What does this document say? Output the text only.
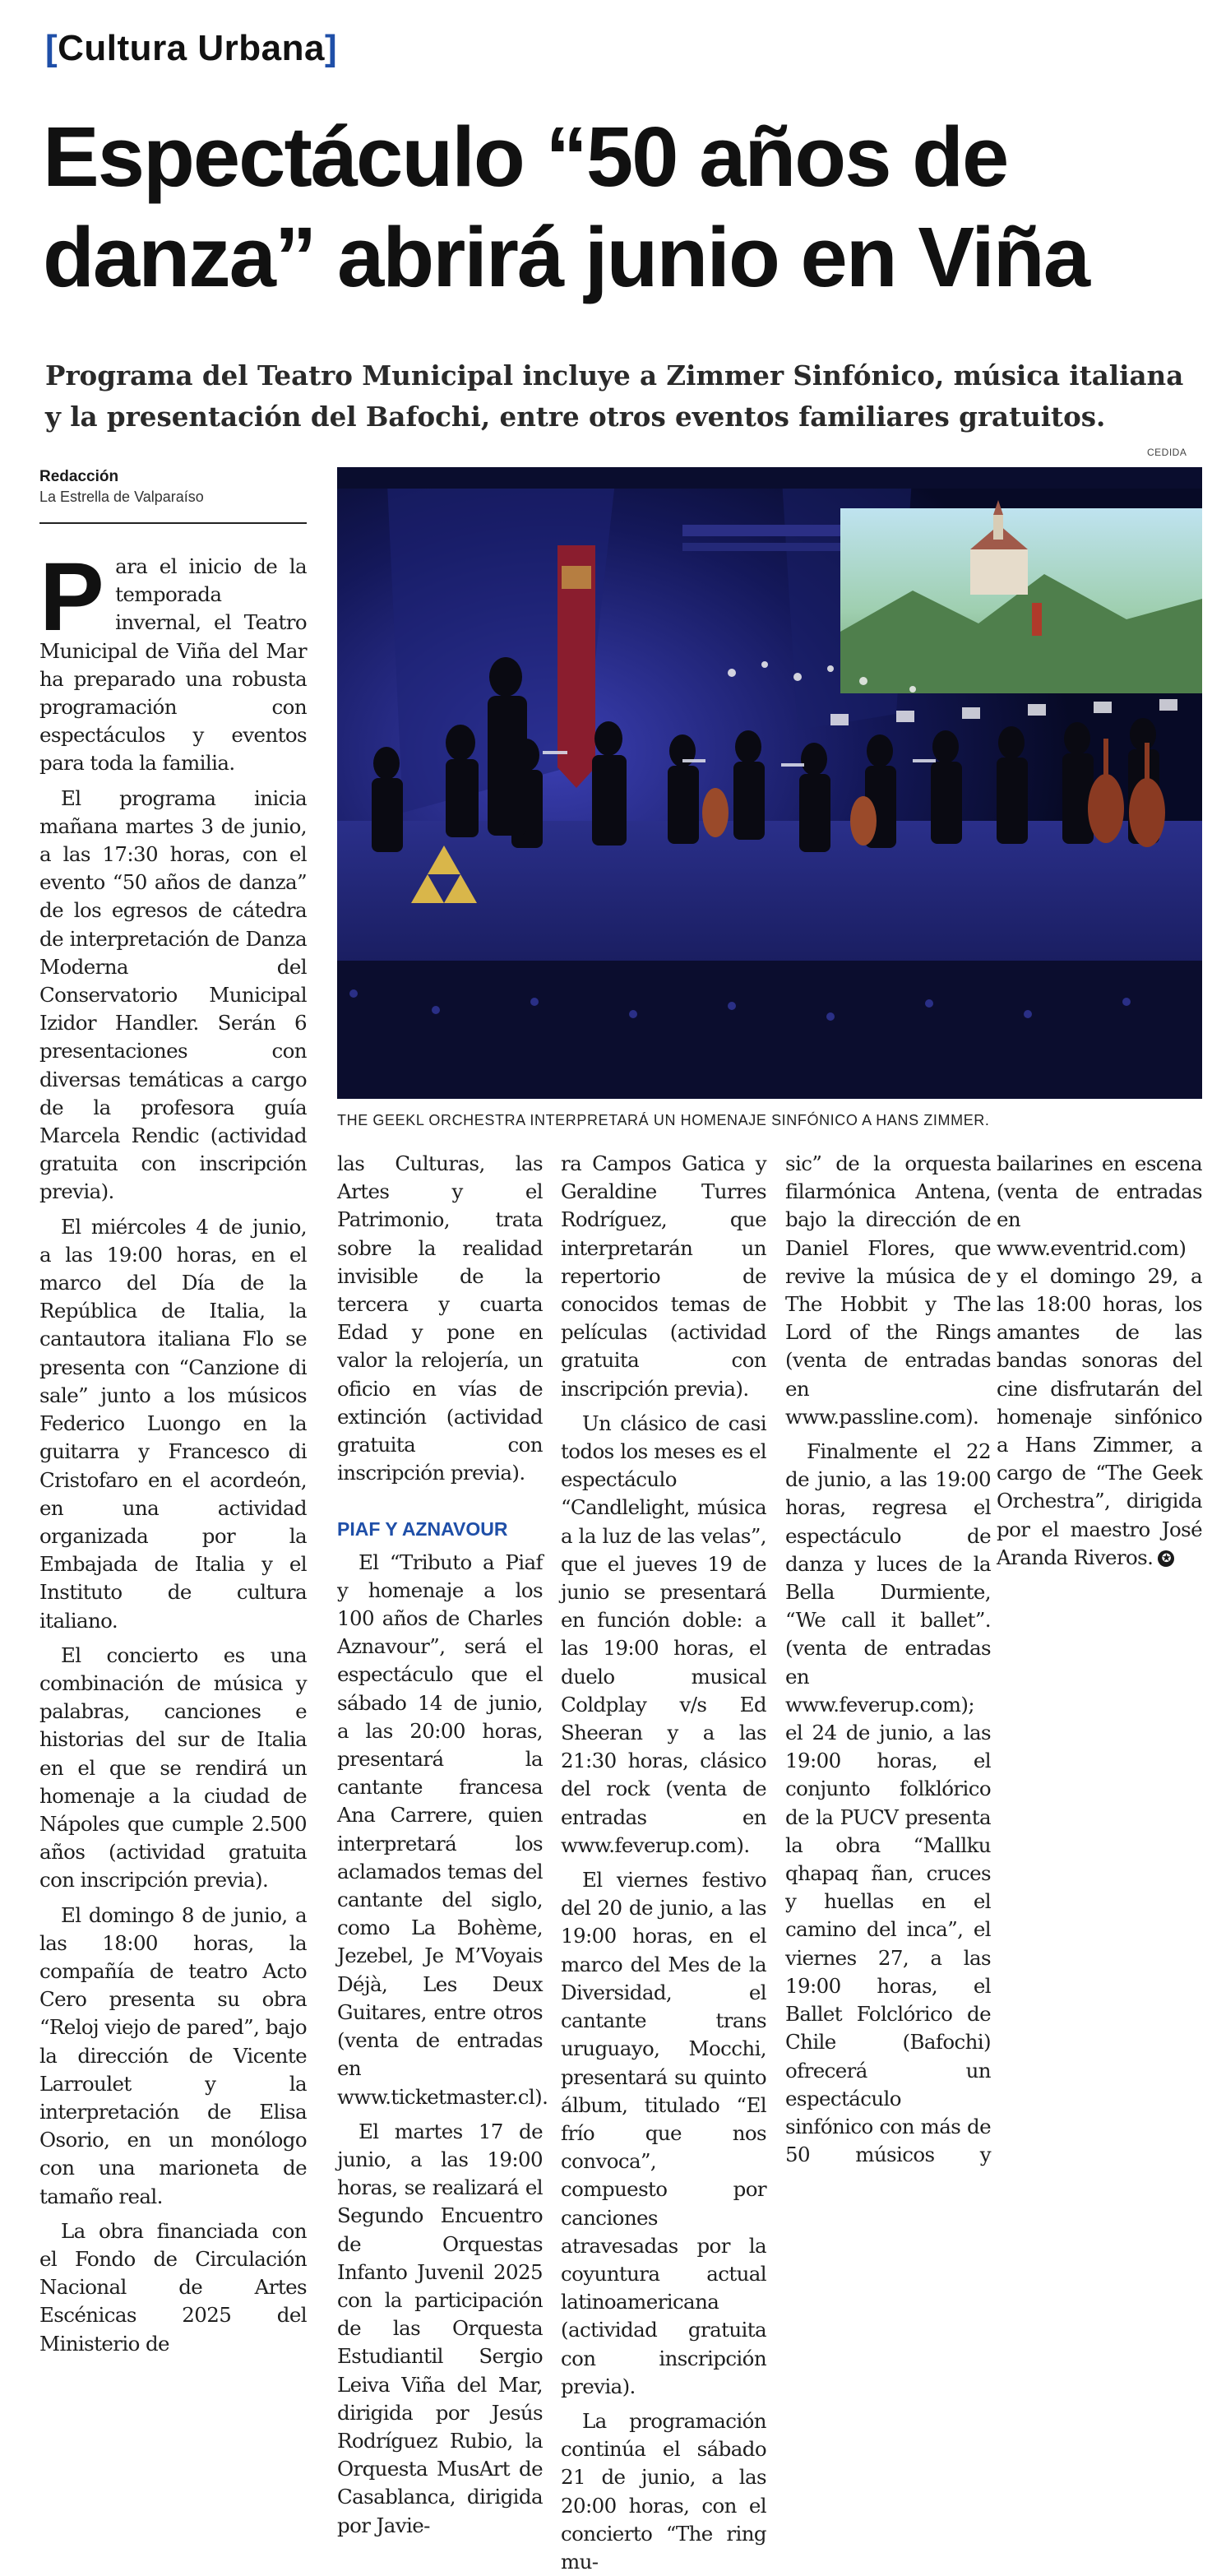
[Cultura Urbana]
Espectáculo “50 años de danza” abrirá junio en Viña

Programa del Teatro Municipal incluye a Zimmer Sinfónico, música italiana y la presentación del Bafochi, entre otros eventos familiares gratuitos.

Redacción
La Estrella de Valparaíso
CEDIDA
THE GEEKL ORCHESTRA INTERPRETARÁ UN HOMENAJE SINFÓNICO A HANS ZIMMER.
P ara el inicio de la temporada invernal, el Teatro Municipal de Viña del Mar ha preparado una robusta programación con espectáculos y eventos para toda la familia.

El programa inicia mañana martes 3 de junio, a las 17:30 horas, con el evento “50 años de danza” de los egresos de cátedra de interpretación de Danza Moderna del Conservatorio Municipal Izidor Handler. Serán 6 presentaciones con diversas temáticas a cargo de la profesora guía Marcela Rendic (actividad gratuita con inscripción previa).

El miércoles 4 de junio, a las 19:00 horas, en el marco del Día de la República de Italia, la cantautora italiana Flo se presenta con “Canzione di sale” junto a los músicos Federico Luongo en la guitarra y Francesco di Cristofaro en el acordeón, en una actividad organizada por la Embajada de Italia y el Instituto de cultura italiano.

El concierto es una combinación de música y palabras, canciones e historias del sur de Italia en el que se rendirá un homenaje a la ciudad de Nápoles que cumple 2.500 años (actividad gratuita con inscripción previa).

El domingo 8 de junio, a las 18:00 horas, la compañía de teatro Acto Cero presenta su obra “Reloj viejo de pared”, bajo la dirección de Vicente Larroulet y la interpretación de Elisa Osorio, en un monólogo con una marioneta de tamaño real.

La obra financiada con el Fondo de Circulación Nacional de Artes Escénicas 2025 del Ministerio de

las Culturas, las Artes y el Patrimonio, trata sobre la realidad invisible de la tercera y cuarta Edad y pone en valor la relojería, un oficio en vías de extinción (actividad gratuita con inscripción previa).

PIAF Y AZNAVOUR

El “Tributo a Piaf y homenaje a los 100 años de Charles Aznavour”, será el espectáculo que el sábado 14 de junio, a las 20:00 horas, presentará la cantante francesa Ana Carrere, quien interpretará los aclamados temas del cantante del siglo, como La Bohème, Jezebel, Je M’Voyais Déjà, Les Deux Guitares, entre otros (venta de entradas en www.ticketmaster.cl).

El martes 17 de junio, a las 19:00 horas, se realizará el Segundo Encuentro de Orquestas Infanto Juvenil 2025 con la participación de las Orquesta Estudiantil Sergio Leiva Viña del Mar, dirigida por Jesús Rodríguez Rubio, la Orquesta MusArt de Casablanca, dirigida por Javie-

ra Campos Gatica y Geraldine Turres Rodríguez, que interpretarán un repertorio de conocidos temas de películas (actividad gratuita con inscripción previa).

Un clásico de casi todos los meses es el espectáculo “Candlelight, música a la luz de las velas”, que el jueves 19 de junio se presentará en función doble: a las 19:00 horas, el duelo musical Coldplay v/s Ed Sheeran y a las 21:30 horas, clásico del rock (venta de entradas en www.feverup.com).

El viernes festivo del 20 de junio, a las 19:00 horas, en el marco del Mes de la Diversidad, el cantante trans uruguayo, Mocchi, presentará su quinto álbum, titulado “El frío que nos convoca”, compuesto por canciones atravesadas por la coyuntura actual latinoamericana (actividad gratuita con inscripción previa).

La programación continúa el sábado 21 de junio, a las 20:00 horas, con el concierto “The ring mu-

sic” de la orquesta filarmónica Antena, bajo la dirección de Daniel Flores, que revive la música de The Hobbit y The Lord of the Rings (venta de entradas en www.passline.com).

Finalmente el 22 de junio, a las 19:00 horas, regresa el espectáculo de danza y luces de la Bella Durmiente, “We call it ballet”.(venta de entradas en www.feverup.com); el 24 de junio, a las 19:00 horas, el conjunto folklórico de la PUCV presenta la obra “Mallku qhapaq ñan, cruces y huellas en el camino del inca”, el viernes 27, a las 19:00 horas, el Ballet Folclórico de Chile (Bafochi) ofrecerá un espectáculo sinfónico con más de 50 músicos y bailarines en escena (venta de entradas en www.eventrid.com) y el domingo 29, a las 18:00 horas, los amantes de las bandas sonoras del cine disfrutarán del homenaje sinfónico a Hans Zimmer, a cargo de “The Geek Orchestra”, dirigida por el maestro José Aranda Riveros. ✪
